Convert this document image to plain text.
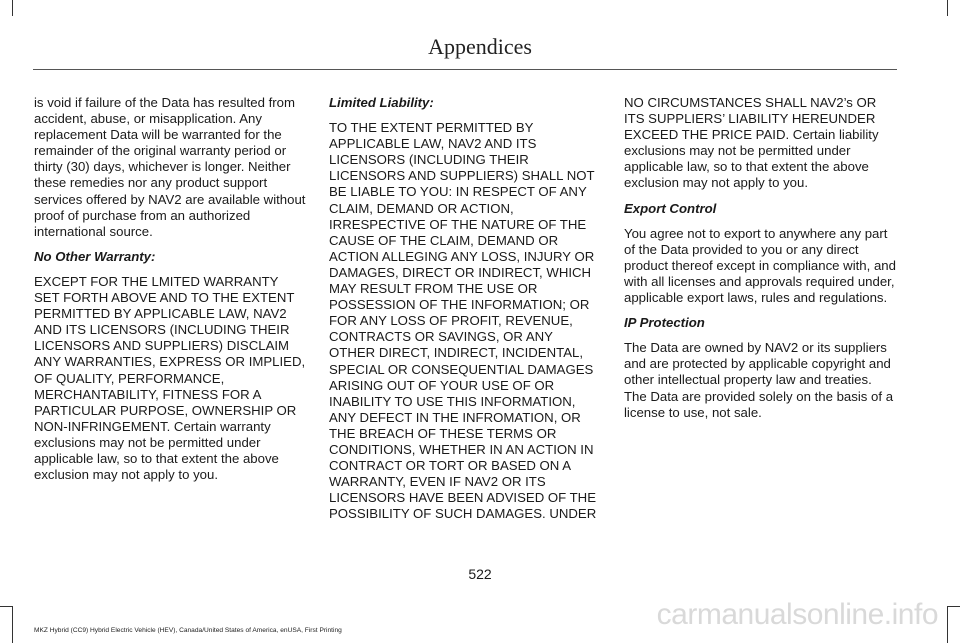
Appendices

is void if failure of the Data has resulted from accident, abuse, or misapplication. Any replacement Data will be warranted for the remainder of the original warranty period or thirty (30) days, whichever is longer. Neither these remedies nor any product support services offered by NAV2 are available without proof of purchase from an authorized international source.

No Other Warranty:

EXCEPT FOR THE LMITED WARRANTY SET FORTH ABOVE AND TO THE EXTENT PERMITTED BY APPLICABLE LAW, NAV2 AND ITS LICENSORS (INCLUDING THEIR LICENSORS AND SUPPLIERS) DISCLAIM ANY WARRANTIES, EXPRESS OR IMPLIED, OF QUALITY, PERFORMANCE, MERCHANTABILITY, FITNESS FOR A PARTICULAR PURPOSE, OWNERSHIP OR NON-INFRINGEMENT. Certain warranty exclusions may not be permitted under applicable law, so to that extent the above exclusion may not apply to you.

Limited Liability:

TO THE EXTENT PERMITTED BY APPLICABLE LAW, NAV2 AND ITS LICENSORS (INCLUDING THEIR LICENSORS AND SUPPLIERS) SHALL NOT BE LIABLE TO YOU: IN RESPECT OF ANY CLAIM, DEMAND OR ACTION, IRRESPECTIVE OF THE NATURE OF THE CAUSE OF THE CLAIM, DEMAND OR ACTION ALLEGING ANY LOSS, INJURY OR DAMAGES, DIRECT OR INDIRECT, WHICH MAY RESULT FROM THE USE OR POSSESSION OF THE INFORMATION; OR FOR ANY LOSS OF PROFIT, REVENUE, CONTRACTS OR SAVINGS, OR ANY OTHER DIRECT, INDIRECT, INCIDENTAL, SPECIAL OR CONSEQUENTIAL DAMAGES ARISING OUT OF YOUR USE OF OR INABILITY TO USE THIS INFORMATION, ANY DEFECT IN THE INFROMATION, OR THE BREACH OF THESE TERMS OR CONDITIONS, WHETHER IN AN ACTION IN CONTRACT OR TORT OR BASED ON A WARRANTY, EVEN IF NAV2 OR ITS LICENSORS HAVE BEEN ADVISED OF THE POSSIBILITY OF SUCH DAMAGES. UNDER

NO CIRCUMSTANCES SHALL NAV2’s OR ITS SUPPLIERS’ LIABILITY HEREUNDER EXCEED THE PRICE PAID. Certain liability exclusions may not be permitted under applicable law, so to that extent the above exclusion may not apply to you.

Export Control

You agree not to export to anywhere any part of the Data provided to you or any direct product thereof except in compliance with, and with all licenses and approvals required under, applicable export laws, rules and regulations.

IP Protection

The Data are owned by NAV2 or its suppliers and are protected by applicable copyright and other intellectual property law and treaties. The Data are provided solely on the basis of a license to use, not sale.

522
MKZ Hybrid (CC9) Hybrid Electric Vehicle (HEV), Canada/United States of America, enUSA, First Printing	carmanualsonline.info
